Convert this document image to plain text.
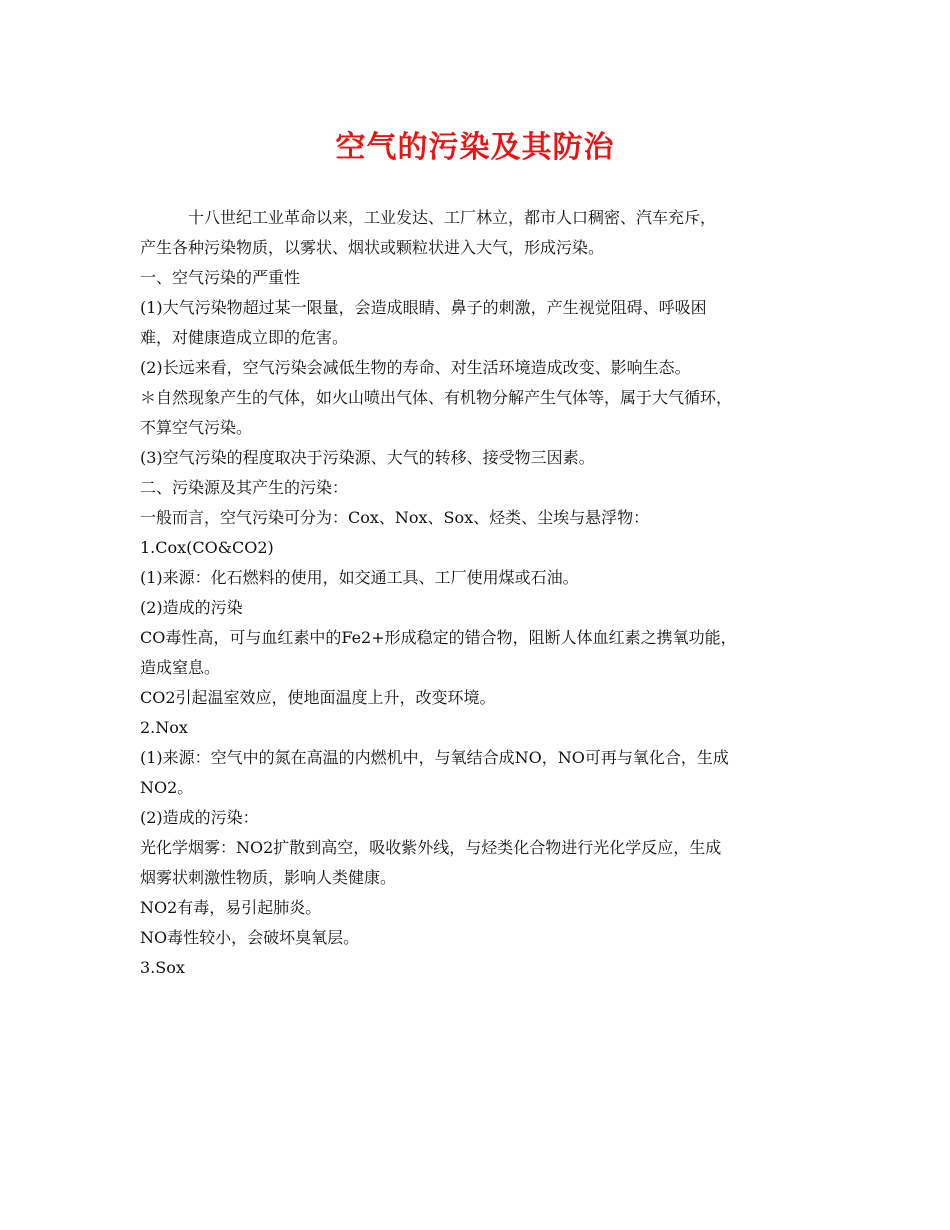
空气的污染及其防治
十八世纪工业革命以来，工业发达、工厂林立，都市人口稠密、汽车充斥，
产生各种污染物质，以雾状、烟状或颗粒状进入大气，形成污染。
一、空气污染的严重性
(1)大气污染物超过某一限量，会造成眼睛、鼻子的刺激，产生视觉阻碍、呼吸困
难，对健康造成立即的危害。
(2)长远来看，空气污染会减低生物的寿命、对生活环境造成改变、影响生态。
＊自然现象产生的气体，如火山喷出气体、有机物分解产生气体等，属于大气循环，
不算空气污染。
(3)空气污染的程度取决于污染源、大气的转移、接受物三因素。
二、污染源及其产生的污染：
一般而言，空气污染可分为：Cox、Nox、Sox、烃类、尘埃与悬浮物：
1.Cox(CO&CO2)
(1)来源：化石燃料的使用，如交通工具、工厂使用煤或石油。
(2)造成的污染
CO毒性高，可与血红素中的Fe2+形成稳定的错合物，阻断人体血红素之携氧功能，
造成窒息。
CO2引起温室效应，使地面温度上升，改变环境。
2.Nox
(1)来源：空气中的氮在高温的内燃机中，与氧结合成NO，NO可再与氧化合，生成
NO2。
(2)造成的污染：
光化学烟雾：NO2扩散到高空，吸收紫外线，与烃类化合物进行光化学反应，生成
烟雾状刺激性物质，影响人类健康。
NO2有毒，易引起肺炎。
NO毒性较小，会破坏臭氧层。
3.Sox
